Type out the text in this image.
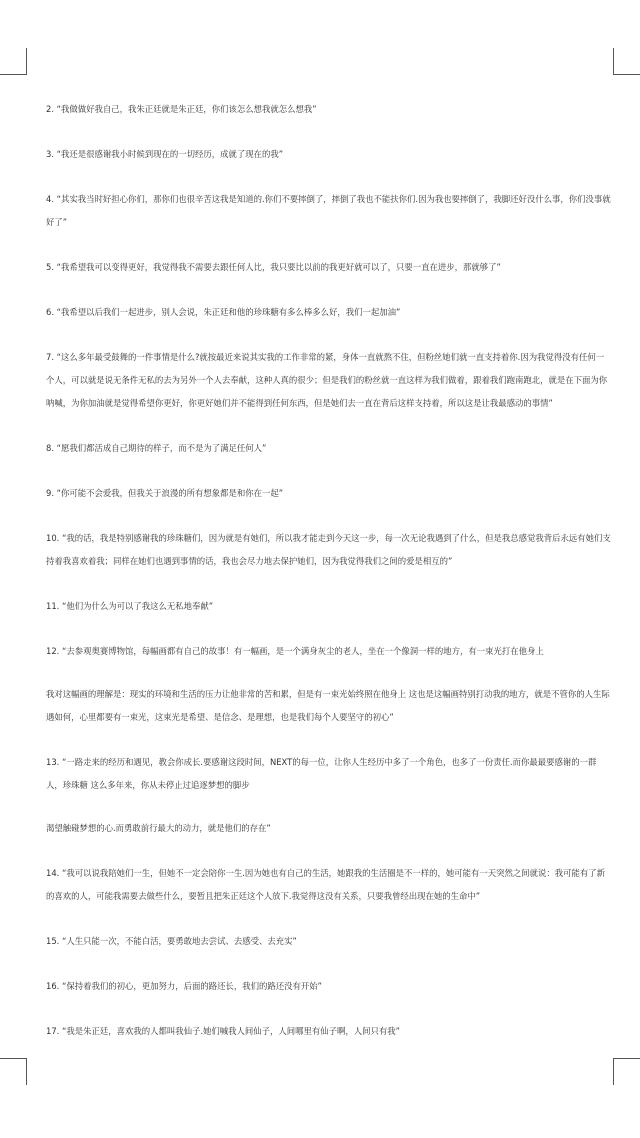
2. “我做做好我自己，我朱正廷就是朱正廷，你们该怎么想我就怎么想我”

3. “我还是很感谢我小时候到现在的一切经历，成就了现在的我”

4. “其实我当时好担心你们，那你们也很辛苦这我是知道的.你们不要摔倒了，摔倒了我也不能扶你们.因为我也要摔倒了，我脚还好没什么事，你们没事就好了”

5. “我希望我可以变得更好，我觉得我不需要去跟任何人比，我只要比以前的我更好就可以了，只要一直在进步，那就够了”

6. “我希望以后我们一起进步，别人会说，朱正廷和他的珍珠糖有多么棒多么好，我们一起加油”

7. “这么多年最受鼓舞的一件事情是什么?就按最近来说其实我的工作非常的紧，身体一直就熬不住，但粉丝她们就一直支持着你.因为我觉得没有任何一个人，可以就是说无条件无私的去为另外一个人去奉献，这种人真的很少；但是我们的粉丝就一直这样为我们做着，跟着我们跑南跑北，就是在下面为你呐喊，为你加油就是觉得希望你更好，你更好她们并不能得到任何东西，但是她们去一直在背后这样支持着，所以这是让我最感动的事情”

8. “愿我们都活成自己期待的样子，而不是为了满足任何人”

9. “你可能不会爱我，但我关于浪漫的所有想象都是和你在一起”

10. “我的话，我是特别感谢我的珍珠糖们，因为就是有她们，所以我才能走到今天这一步，每一次无论我遇到了什么，但是我总感觉我背后永远有她们支持着我喜欢着我；同样在她们也遇到事情的话，我也会尽力地去保护她们，因为我觉得我们之间的爱是相互的”

11. “他们为什么为可以了我这么无私地奉献”

12. “去参观奥赛博物馆，每幅画都有自己的故事！有一幅画，是一个满身灰尘的老人，坐在一个像洞一样的地方，有一束光打在他身上

我对这幅画的理解是：现实的环境和生活的压力让他非常的苦和累，但是有一束光始终照在他身上 这也是这幅画特别打动我的地方，就是不管你的人生际遇如何，心里都要有一束光，这束光是希望、是信念、是理想，也是我们每个人要坚守的初心”

13. “一路走来的经历和遇见，教会你成长.要感谢这段时间，NEXT的每一位，让你人生经历中多了一个角色，也多了一份责任.而你最最要感谢的一群人，珍珠糖 这么多年来，你从未停止过追逐梦想的脚步

渴望触碰梦想的心.而勇敢前行最大的动力，就是他们的存在”

14. “我可以说我陪她们一生，但她不一定会陪你一生.因为她也有自己的生活，她跟我的生活圈是不一样的，她可能有一天突然之间就说：我可能有了新的喜欢的人，可能我需要去做些什么，要暂且把朱正廷这个人放下.我觉得这没有关系，只要我曾经出现在她的生命中”

15. “人生只能一次，不能白活，要勇敢地去尝试、去感受、去充实”

16. “保持着我们的初心，更加努力，后面的路还长，我们的路还没有开始”

17. “我是朱正廷，喜欢我的人都叫我仙子.她们喊我人间仙子，人间哪里有仙子啊，人间只有我”
